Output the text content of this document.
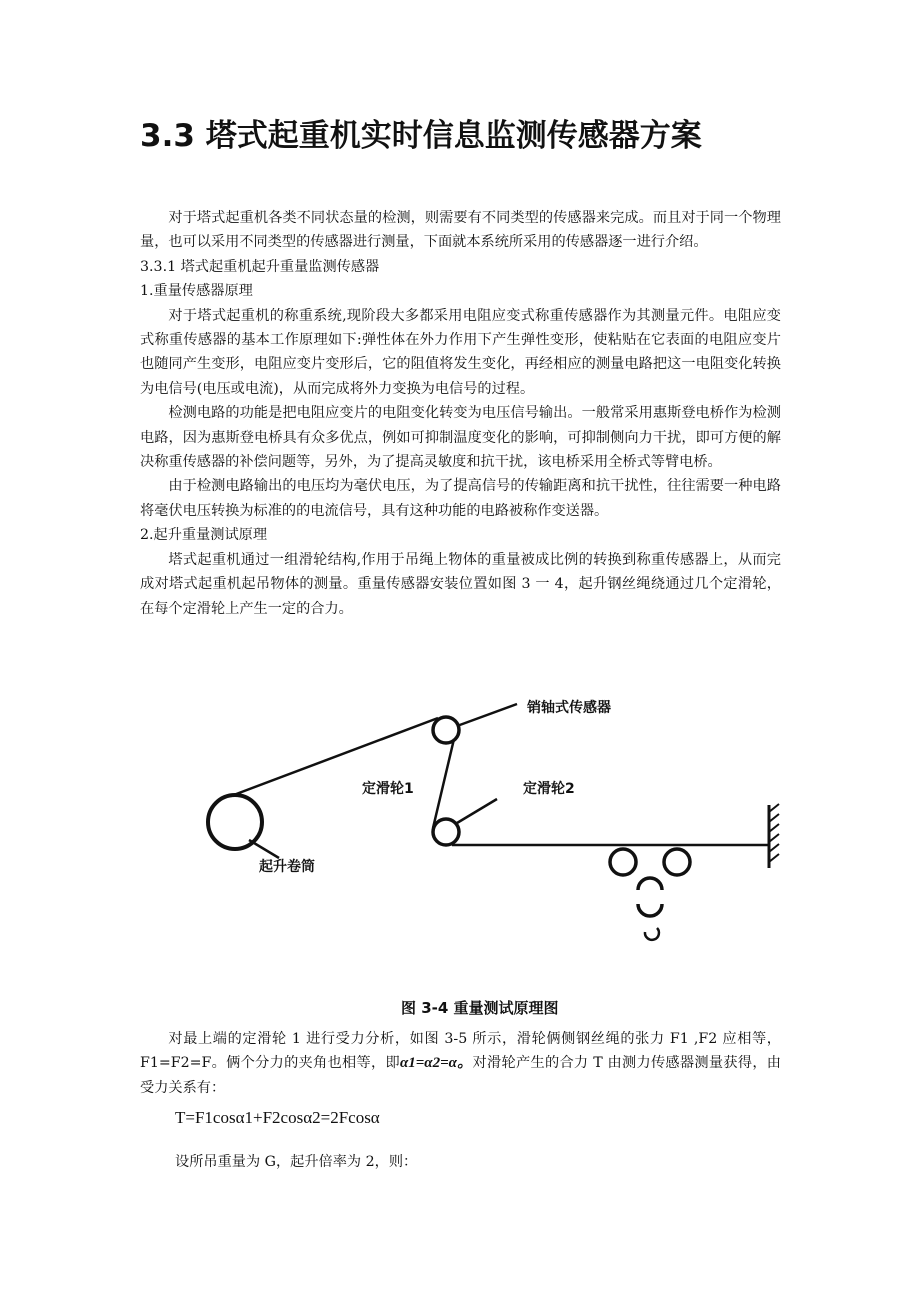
3.3 塔式起重机实时信息监测传感器方案

对于塔式起重机各类不同状态量的检测，则需要有不同类型的传感器来完成。而且对于同一个物理量，也可以采用不同类型的传感器进行测量，下面就本系统所采用的传感器逐一进行介绍。

3.3.1 塔式起重机起升重量监测传感器

1.重量传感器原理

对于塔式起重机的称重系统,现阶段大多都采用电阻应变式称重传感器作为其测量元件。电阻应变式称重传感器的基本工作原理如下:弹性体在外力作用下产生弹性变形，使粘贴在它表面的电阻应变片也随同产生变形，电阻应变片变形后，它的阻值将发生变化，再经相应的测量电路把这一电阻变化转换为电信号(电压或电流)，从而完成将外力变换为电信号的过程。

检测电路的功能是把电阻应变片的电阻变化转变为电压信号输出。一般常采用惠斯登电桥作为检测电路，因为惠斯登电桥具有众多优点，例如可抑制温度变化的影响，可抑制侧向力干扰，即可方便的解决称重传感器的补偿问题等，另外，为了提高灵敏度和抗干扰，该电桥采用全桥式等臂电桥。

由于检测电路输出的电压均为毫伏电压，为了提高信号的传输距离和抗干扰性，往往需要一种电路将毫伏电压转换为标准的的电流信号，具有这种功能的电路被称作变送器。

2.起升重量测试原理

塔式起重机通过一组滑轮结构,作用于吊绳上物体的重量被成比例的转换到称重传感器上，从而完成对塔式起重机起吊物体的测量。重量传感器安装位置如图 3 一 4，起升钢丝绳绕通过几个定滑轮，在每个定滑轮上产生一定的合力。

销轴式传感器
定滑轮1	定滑轮2
起升卷筒
图 3-4 重量测试原理图

对最上端的定滑轮 1 进行受力分析，如图 3-5 所示，滑轮俩侧钢丝绳的张力 F1 ,F2 应相等，F1=F2=F。俩个分力的夹角也相等，即α1=α2=α。对滑轮产生的合力 T 由测力传感器测量获得，由受力关系有：

T=F1cosα1+F2cosα2=2Fcosα
设所吊重量为 G，起升倍率为 2，则：
